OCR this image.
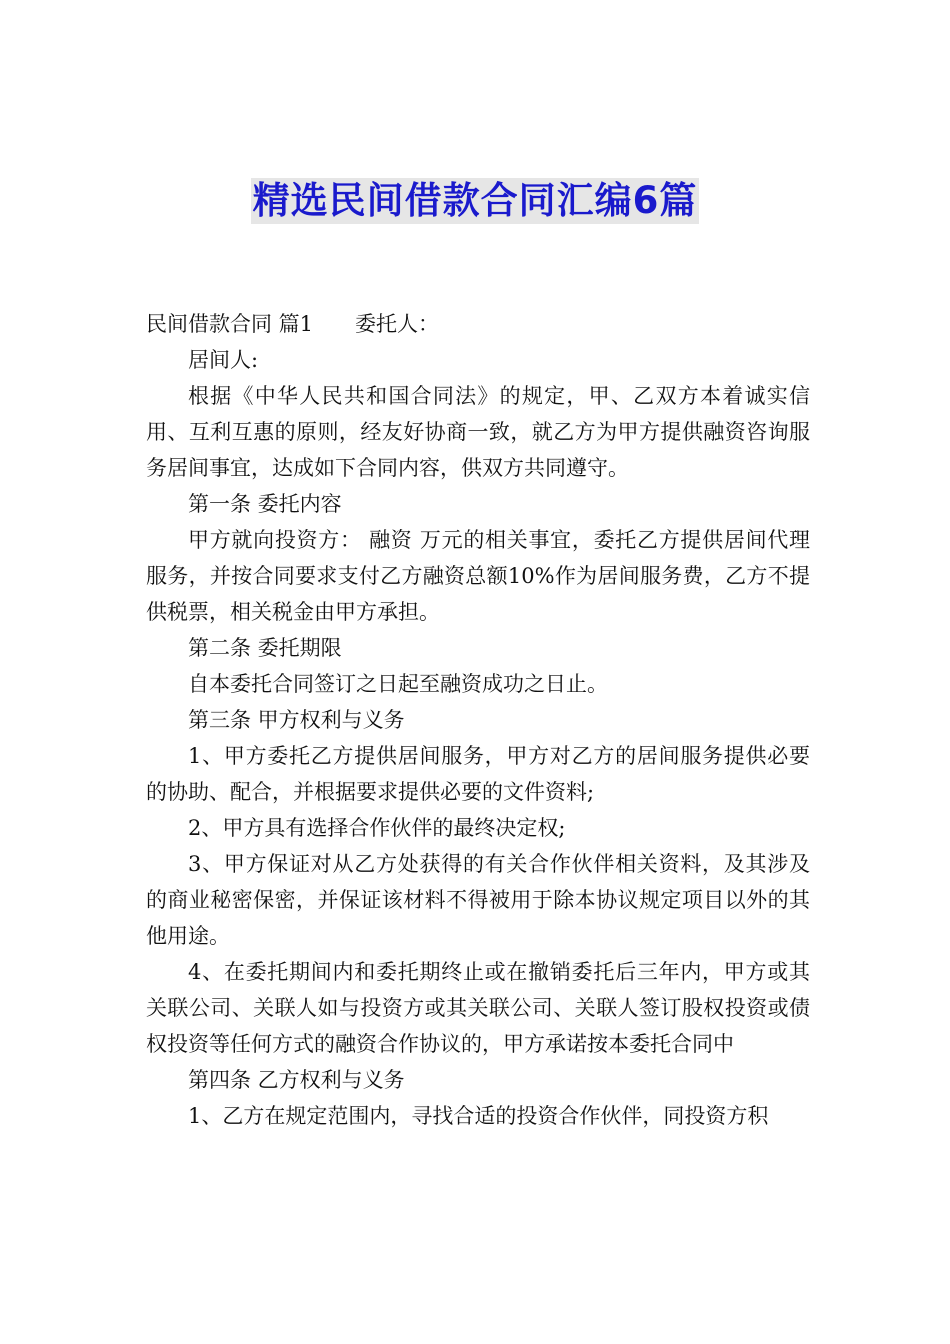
精选民间借款合同汇编6篇

民间借款合同 篇1 委托人：

居间人:

根据《中华人民共和国合同法》的规定，甲、乙双方本着诚实信用、互利互惠的原则，经友好协商一致，就乙方为甲方提供融资咨询服务居间事宜，达成如下合同内容，供双方共同遵守。

第一条 委托内容

甲方就向投资方： 融资 万元的相关事宜，委托乙方提供居间代理服务，并按合同要求支付乙方融资总额10%作为居间服务费，乙方不提供税票，相关税金由甲方承担。

第二条 委托期限

自本委托合同签订之日起至融资成功之日止。

第三条 甲方权利与义务

1、甲方委托乙方提供居间服务，甲方对乙方的居间服务提供必要的协助、配合，并根据要求提供必要的文件资料;

2、甲方具有选择合作伙伴的最终决定权;

3、甲方保证对从乙方处获得的有关合作伙伴相关资料，及其涉及的商业秘密保密，并保证该材料不得被用于除本协议规定项目以外的其他用途。

4、在委托期间内和委托期终止或在撤销委托后三年内，甲方或其关联公司、关联人如与投资方或其关联公司、关联人签订股权投资或债权投资等任何方式的融资合作协议的，甲方承诺按本委托合同中

第四条 乙方权利与义务

1、乙方在规定范围内，寻找合适的投资合作伙伴，同投资方积
